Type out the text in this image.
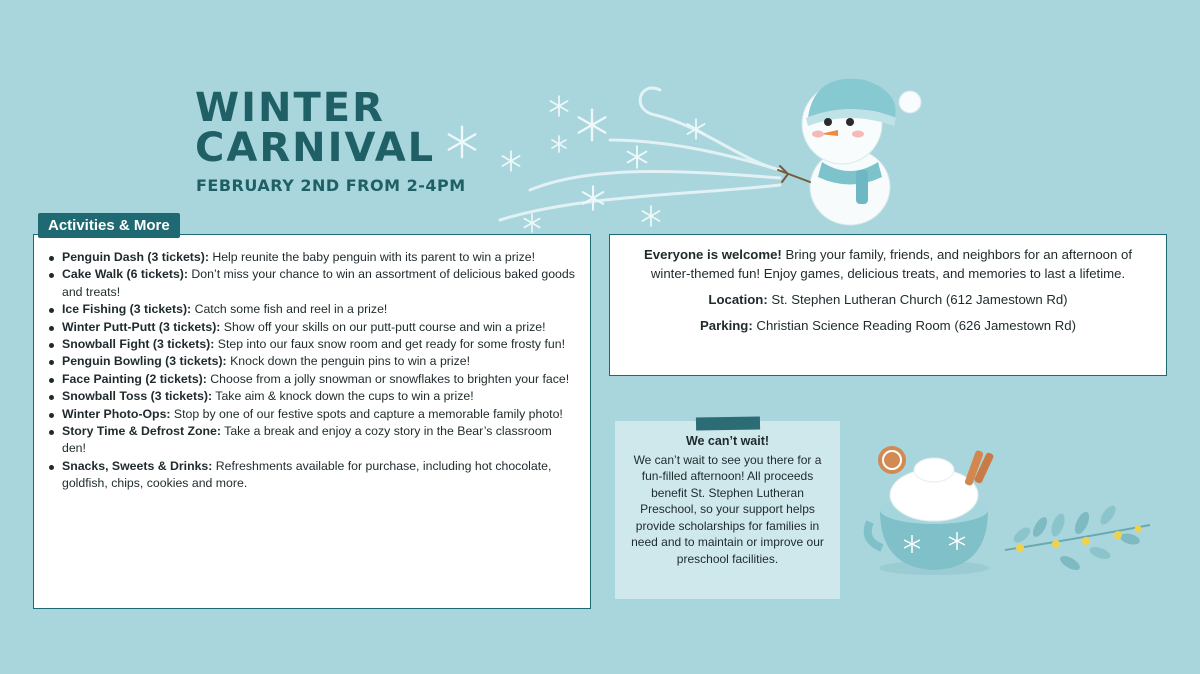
WINTER
CARNIVAL
FEBRUARY 2ND FROM 2-4PM
Activities & More
Penguin Dash (3 tickets): Help reunite the baby penguin with its parent to win a prize!
Cake Walk (6 tickets): Don’t miss your chance to win an assortment of delicious baked goods and treats!
Ice Fishing (3 tickets): Catch some fish and reel in a prize!
Winter Putt-Putt (3 tickets): Show off your skills on our putt-putt course and win a prize!
Snowball Fight (3 tickets): Step into our faux snow room and get ready for some frosty fun!
Penguin Bowling (3 tickets): Knock down the penguin pins to win a prize!
Face Painting (2 tickets): Choose from a jolly snowman or snowflakes to brighten your face!
Snowball Toss (3 tickets): Take aim & knock down the cups to win a prize!
Winter Photo-Ops: Stop by one of our festive spots and capture a memorable family photo!
Story Time & Defrost Zone: Take a break and enjoy a cozy story in the Bear’s classroom den!
Snacks, Sweets & Drinks: Refreshments available for purchase, including hot chocolate, goldfish, chips, cookies and more.

Everyone is welcome! Bring your family, friends, and neighbors for an afternoon of winter-themed fun! Enjoy games, delicious treats, and memories to last a lifetime.

Location: St. Stephen Lutheran Church (612 Jamestown Rd)

Parking: Christian Science Reading Room (626 Jamestown Rd)

We can’t wait!

We can’t wait to see you there for a fun-filled afternoon! All proceeds benefit St. Stephen Lutheran Preschool, so your support helps provide scholarships for families in need and to maintain or improve our preschool facilities.
